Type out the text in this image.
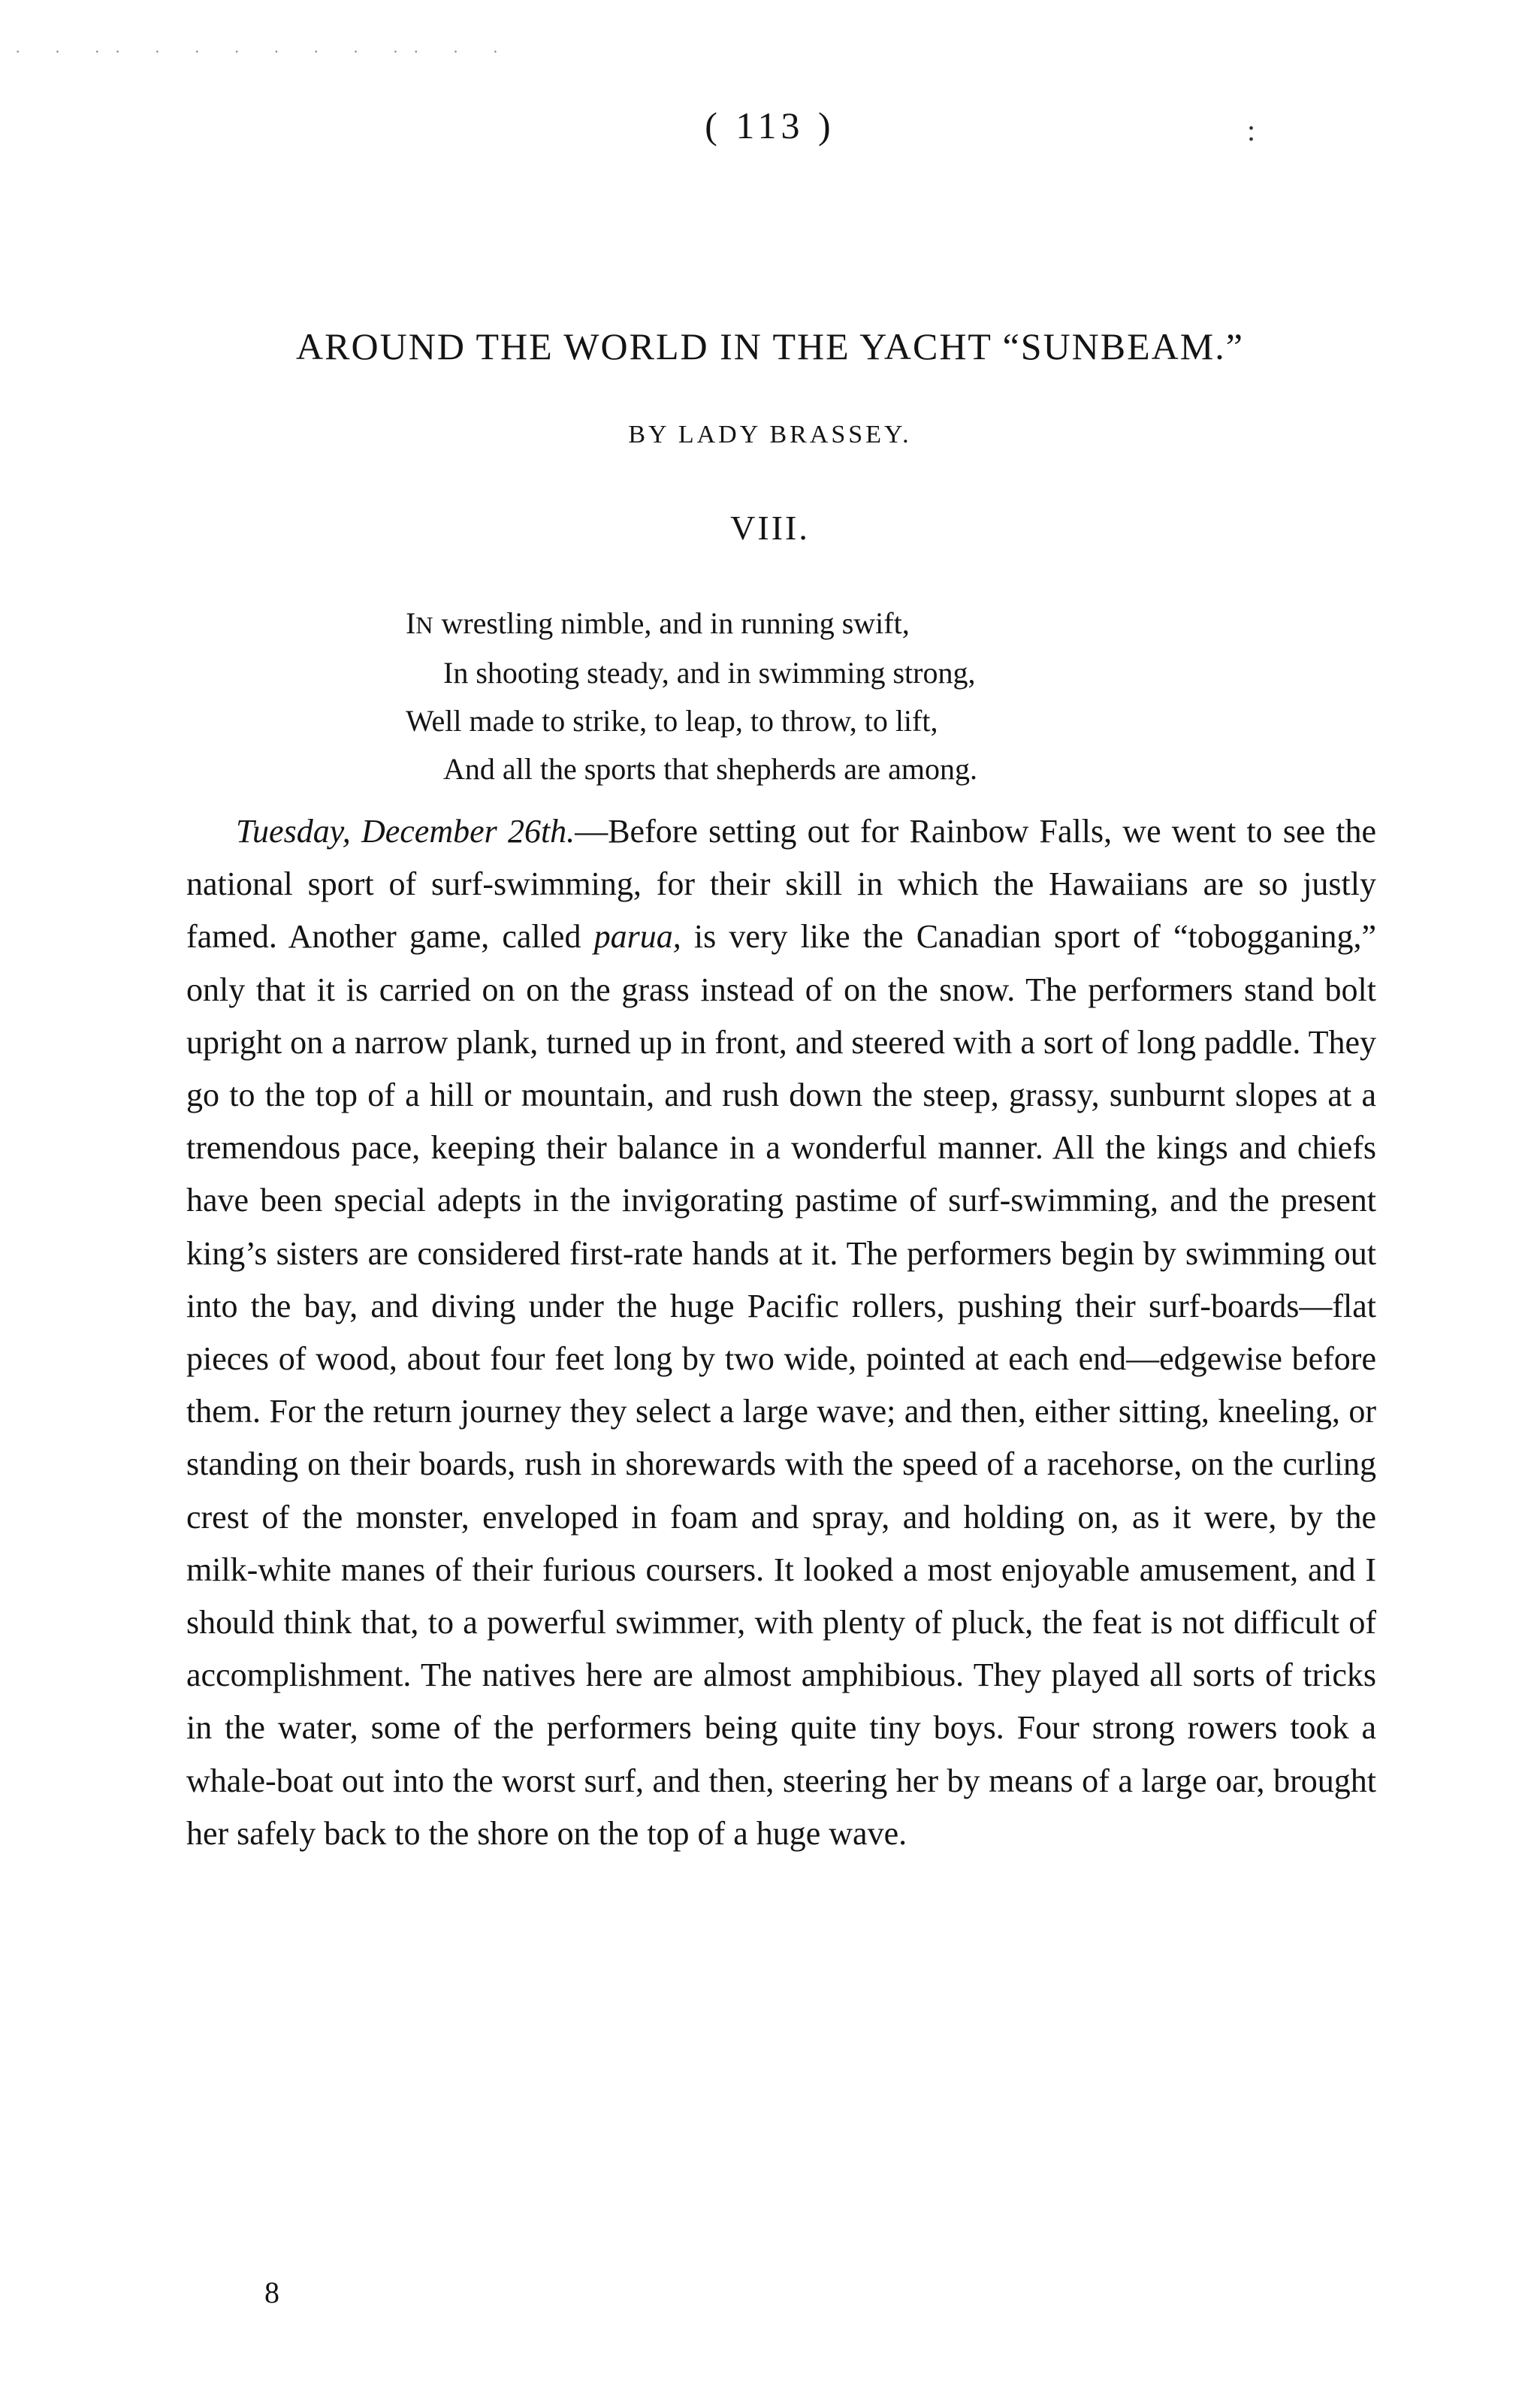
· · ·· · · · · · · ·· · ·
:
( 113 )
AROUND THE WORLD IN THE YACHT “SUNBEAM.”
BY LADY BRASSEY.
VIII.
IN wrestling nimble, and in running swift,
In shooting steady, and in swimming strong,
Well made to strike, to leap, to throw, to lift,
And all the sports that shepherds are among.

Tuesday, December 26th.—Before setting out for Rainbow Falls, we went to see the national sport of surf-swimming, for their skill in which the Hawaiians are so justly famed. Another game, called parua, is very like the Canadian sport of “tobogganing,” only that it is carried on on the grass instead of on the snow. The performers stand bolt upright on a narrow plank, turned up in front, and steered with a sort of long paddle. They go to the top of a hill or mountain, and rush down the steep, grassy, sunburnt slopes at a tremendous pace, keeping their balance in a wonderful manner. All the kings and chiefs have been special adepts in the invigorating pastime of surf-swimming, and the present king’s sisters are considered first-rate hands at it. The performers begin by swimming out into the bay, and diving under the huge Pacific rollers, pushing their surf-boards—flat pieces of wood, about four feet long by two wide, pointed at each end—edgewise before them. For the return journey they select a large wave; and then, either sitting, kneeling, or standing on their boards, rush in shorewards with the speed of a racehorse, on the curling crest of the monster, enveloped in foam and spray, and holding on, as it were, by the milk-white manes of their furious coursers. It looked a most enjoyable amusement, and I should think that, to a powerful swimmer, with plenty of pluck, the feat is not difficult of accomplishment. The natives here are almost amphibious. They played all sorts of tricks in the water, some of the performers being quite tiny boys. Four strong rowers took a whale-boat out into the worst surf, and then, steering her by means of a large oar, brought her safely back to the shore on the top of a huge wave.

8
